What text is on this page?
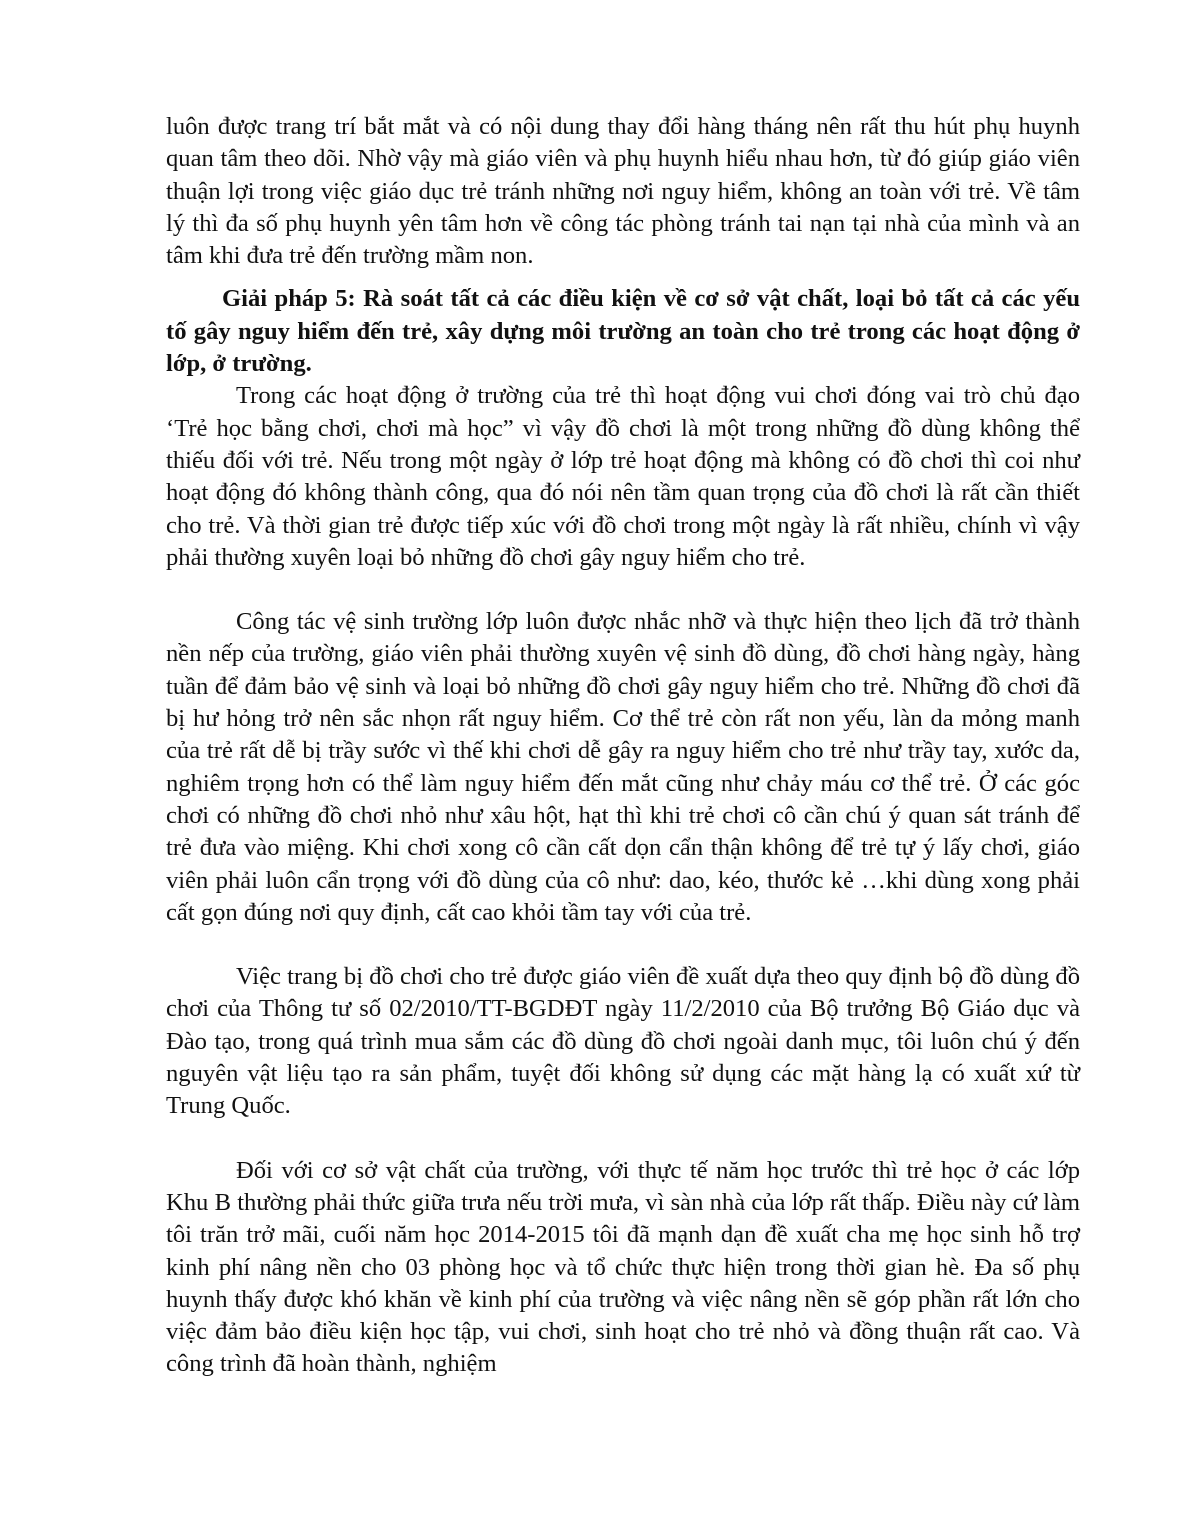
luôn được trang trí bắt mắt và có nội dung thay đổi hàng tháng nên rất thu hút phụ huynh quan tâm theo dõi. Nhờ vậy mà giáo viên và phụ huynh hiểu nhau hơn, từ đó giúp giáo viên thuận lợi trong việc giáo dục trẻ tránh những nơi nguy hiểm, không an toàn với trẻ. Về tâm lý thì đa số phụ huynh yên tâm hơn về công tác phòng tránh tai nạn tại nhà của mình và an tâm khi đưa trẻ đến trường mầm non.

Giải pháp 5: Rà soát tất cả các điều kiện về cơ sở vật chất, loại bỏ tất cả các yếu tố gây nguy hiểm đến trẻ, xây dựng môi trường an toàn cho trẻ trong các hoạt động ở lớp, ở trường.

Trong các hoạt động ở trường của trẻ thì hoạt động vui chơi đóng vai trò chủ đạo ‘Trẻ học bằng chơi, chơi mà học” vì vậy đồ chơi là một trong những đồ dùng không thể thiếu đối với trẻ. Nếu trong một ngày ở lớp trẻ hoạt động mà không có đồ chơi thì coi như hoạt động đó không thành công, qua đó nói nên tầm quan trọng của đồ chơi là rất cần thiết cho trẻ. Và thời gian trẻ được tiếp xúc với đồ chơi trong một ngày là rất nhiều, chính vì vậy phải thường xuyên loại bỏ những đồ chơi gây nguy hiểm cho trẻ.

Công tác vệ sinh trường lớp luôn được nhắc nhỡ và thực hiện theo lịch đã trở thành nền nếp của trường, giáo viên phải thường xuyên vệ sinh đồ dùng, đồ chơi hàng ngày, hàng tuần để đảm bảo vệ sinh và loại bỏ những đồ chơi gây nguy hiểm cho trẻ. Những đồ chơi đã bị hư hỏng trở nên sắc nhọn rất nguy hiểm. Cơ thể trẻ còn rất non yếu, làn da mỏng manh của trẻ rất dễ bị trầy sước vì thế khi chơi dễ gây ra nguy hiểm cho trẻ như trầy tay, xước da, nghiêm trọng hơn có thể làm nguy hiểm đến mắt cũng như chảy máu cơ thể trẻ. Ở các góc chơi có những đồ chơi nhỏ như xâu hột, hạt thì khi trẻ chơi cô cần chú ý quan sát tránh để trẻ đưa vào miệng. Khi chơi xong cô cần cất dọn cẩn thận không để trẻ tự ý lấy chơi, giáo viên phải luôn cẩn trọng với đồ dùng của cô như: dao, kéo, thước kẻ …khi dùng xong phải cất gọn đúng nơi quy định, cất cao khỏi tầm tay với của trẻ.

Việc trang bị đồ chơi cho trẻ được giáo viên đề xuất dựa theo quy định bộ đồ dùng đồ chơi của Thông tư số 02/2010/TT-BGDĐT ngày 11/2/2010 của Bộ trưởng Bộ Giáo dục và Đào tạo, trong quá trình mua sắm các đồ dùng đồ chơi ngoài danh mục, tôi luôn chú ý đến nguyên vật liệu tạo ra sản phẩm, tuyệt đối không sử dụng các mặt hàng lạ có xuất xứ từ Trung Quốc.

Đối với cơ sở vật chất của trường, với thực tế năm học trước thì trẻ học ở các lớp Khu B thường phải thức giữa trưa nếu trời mưa, vì sàn nhà của lớp rất thấp. Điều này cứ làm tôi trăn trở mãi, cuối năm học 2014-2015 tôi đã mạnh dạn đề xuất cha mẹ học sinh hỗ trợ kinh phí nâng nền cho 03 phòng học và tổ chức thực hiện trong thời gian hè. Đa số phụ huynh thấy được khó khăn về kinh phí của trường và việc nâng nền sẽ góp phần rất lớn cho việc đảm bảo điều kiện học tập, vui chơi, sinh hoạt cho trẻ nhỏ và đồng thuận rất cao. Và công trình đã hoàn thành, nghiệm
